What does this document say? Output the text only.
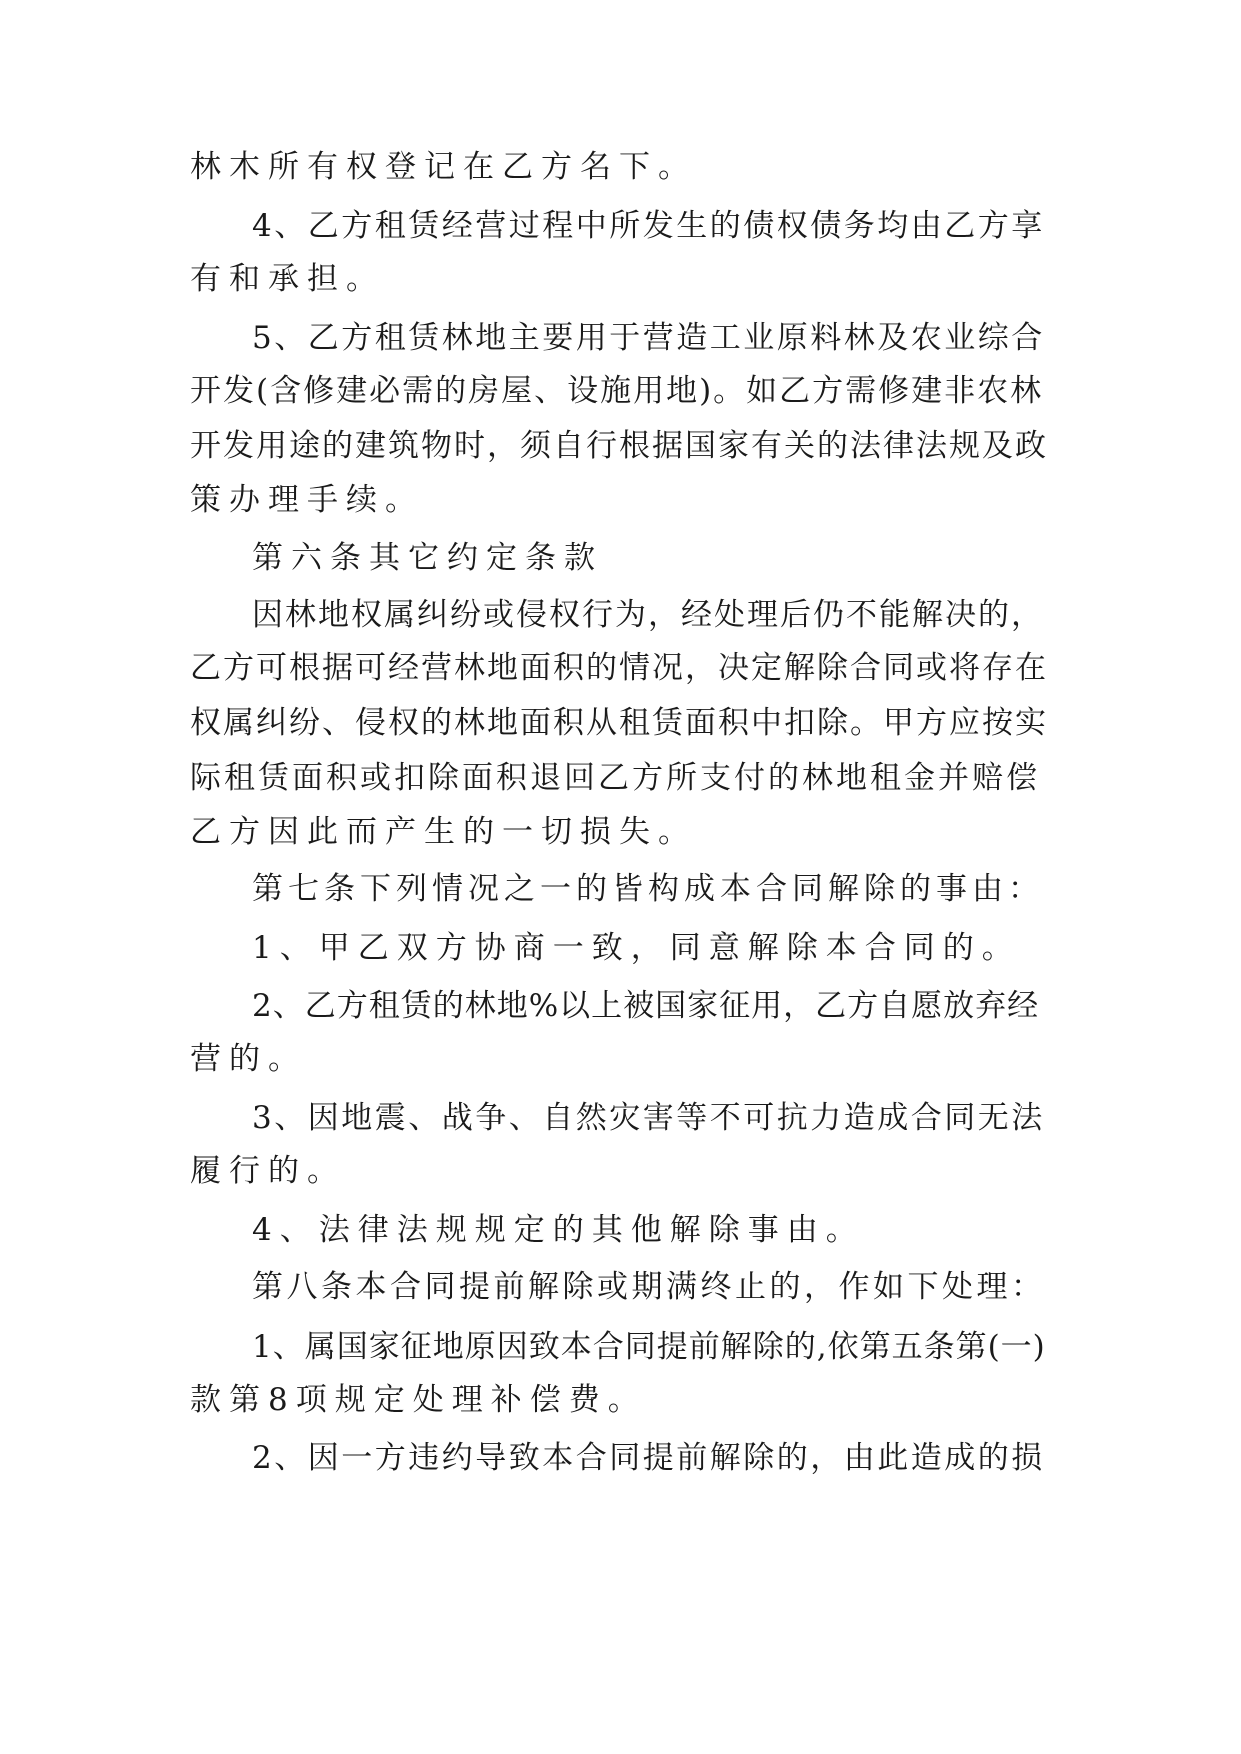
林木所有权登记在乙方名下。
4、乙方租赁经营过程中所发生的债权债务均由乙方享
有和承担。
5、乙方租赁林地主要用于营造工业原料林及农业综合
开发(含修建必需的房屋、设施用地)。如乙方需修建非农林
开发用途的建筑物时，须自行根据国家有关的法律法规及政
策办理手续。
第六条其它约定条款
因林地权属纠纷或侵权行为，经处理后仍不能解决的，
乙方可根据可经营林地面积的情况，决定解除合同或将存在
权属纠纷、侵权的林地面积从租赁面积中扣除。甲方应按实
际租赁面积或扣除面积退回乙方所支付的林地租金并赔偿
乙方因此而产生的一切损失。
第七条下列情况之一的皆构成本合同解除的事由：
1、甲乙双方协商一致，同意解除本合同的。
2、乙方租赁的林地%以上被国家征用，乙方自愿放弃经
营的。
3、因地震、战争、自然灾害等不可抗力造成合同无法
履行的。
4、法律法规规定的其他解除事由。
第八条本合同提前解除或期满终止的，作如下处理：
1、属国家征地原因致本合同提前解除的,依第五条第(一)
款第8项规定处理补偿费。
2、因一方违约导致本合同提前解除的，由此造成的损
